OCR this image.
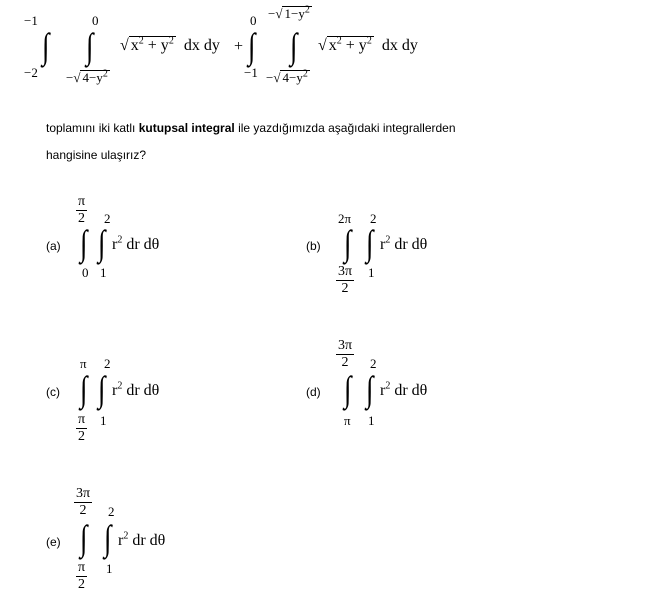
−1
∫
−2
0
∫
−√ $4-y^2$
√ $x^2 + y^2$ dx dy +
0
∫
−1
−√ $1-y^2$
∫
−√ $4-y^2$
√ $x^2 + y^2$ dx dy
toplamını iki katlı kutupsal integral ile yazdığımızda aşağıdaki integrallerden
hangisine ulaşırız?
(a)
$\frac{\pi}{2}$
∫
0
2
∫
1
$r^2$ dr dθ	(b)
2π
∫
$\frac{3\pi}{2}$
2
∫
1
$r^2$ dr dθ
(c)
π
∫
$\frac{\pi}{2}$
2
∫
1
$r^2$ dr dθ	(d)
$\frac{3\pi}{2}$
∫
π
2
∫
1
$r^2$ dr dθ
(e)
$\frac{3\pi}{2}$
∫
$\frac{\pi}{2}$
2
∫
1
$r^2$ dr dθ
